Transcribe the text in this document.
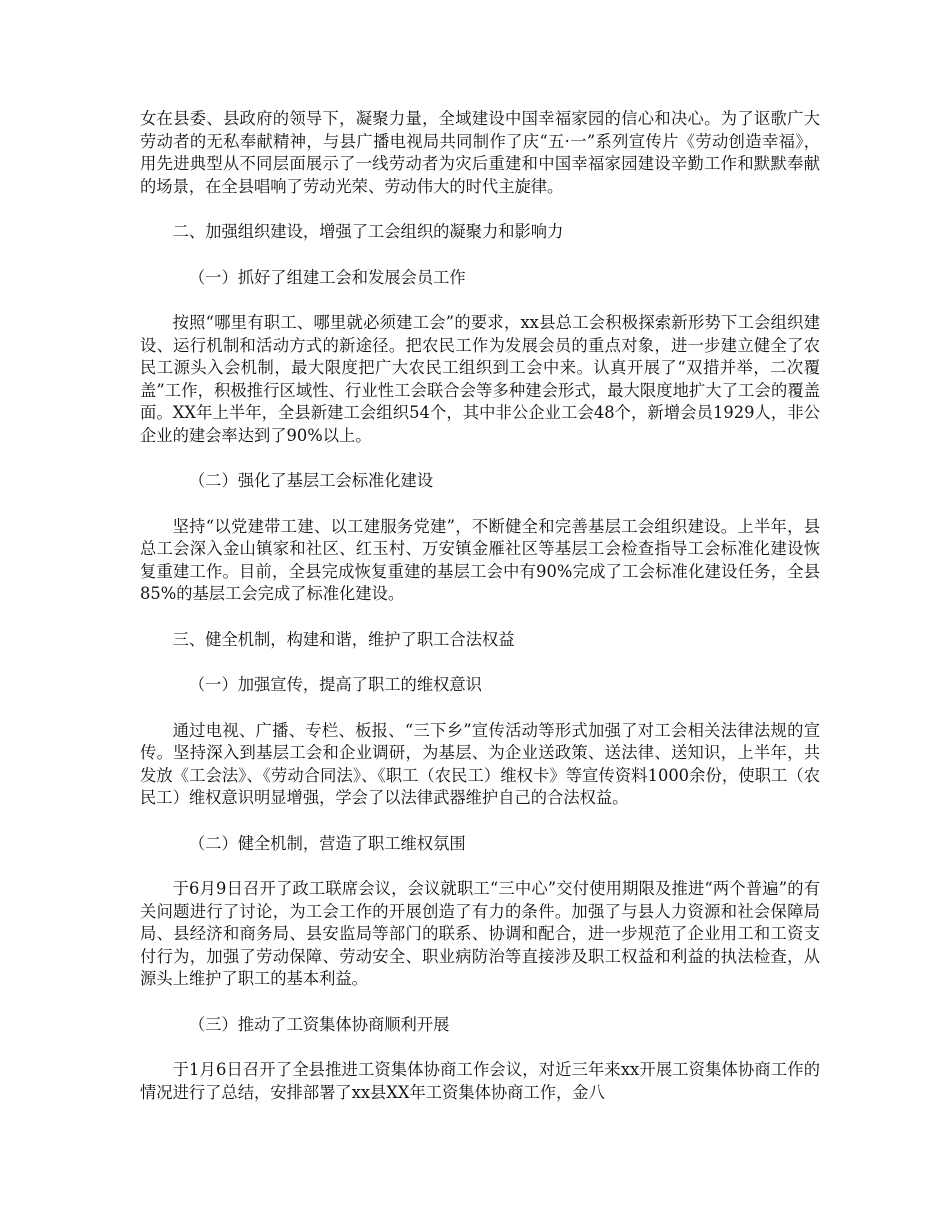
女在县委、县政府的领导下，凝聚力量，全域建设中国幸福家园的信心和决心。为了讴歌广大劳动者的无私奉献精神，与县广播电视局共同制作了庆“五·一”系列宣传片《劳动创造幸福》，用先进典型从不同层面展示了一线劳动者为灾后重建和中国幸福家园建设辛勤工作和默默奉献的场景，在全县唱响了劳动光荣、劳动伟大的时代主旋律。

二、加强组织建设，增强了工会组织的凝聚力和影响力

（一）抓好了组建工会和发展会员工作

按照“哪里有职工、哪里就必须建工会”的要求，xx县总工会积极探索新形势下工会组织建设、运行机制和活动方式的新途径。把农民工作为发展会员的重点对象，进一步建立健全了农民工源头入会机制，最大限度把广大农民工组织到工会中来。认真开展了“双措并举，二次覆盖”工作，积极推行区域性、行业性工会联合会等多种建会形式，最大限度地扩大了工会的覆盖面。XX年上半年，全县新建工会组织54个，其中非公企业工会48个，新增会员1929人，非公企业的建会率达到了90%以上。

（二）强化了基层工会标准化建设

坚持“以党建带工建、以工建服务党建”，不断健全和完善基层工会组织建设。上半年，县总工会深入金山镇家和社区、红玉村、万安镇金雁社区等基层工会检查指导工会标准化建设恢复重建工作。目前，全县完成恢复重建的基层工会中有90%完成了工会标准化建设任务，全县85%的基层工会完成了标准化建设。

三、健全机制，构建和谐，维护了职工合法权益

（一）加强宣传，提高了职工的维权意识

通过电视、广播、专栏、板报、“三下乡”宣传活动等形式加强了对工会相关法律法规的宣传。坚持深入到基层工会和企业调研，为基层、为企业送政策、送法律、送知识，上半年，共发放《工会法》、《劳动合同法》、《职工（农民工）维权卡》等宣传资料1000余份，使职工（农民工）维权意识明显增强，学会了以法律武器维护自己的合法权益。

（二）健全机制，营造了职工维权氛围

于6月9日召开了政工联席会议，会议就职工“三中心”交付使用期限及推进“两个普遍”的有关问题进行了讨论，为工会工作的开展创造了有力的条件。加强了与县人力资源和社会保障局局、县经济和商务局、县安监局等部门的联系、协调和配合，进一步规范了企业用工和工资支付行为，加强了劳动保障、劳动安全、职业病防治等直接涉及职工权益和利益的执法检查，从源头上维护了职工的基本利益。

（三）推动了工资集体协商顺利开展

于1月6日召开了全县推进工资集体协商工作会议，对近三年来xx开展工资集体协商工作的情况进行了总结，安排部署了xx县XX年工资集体协商工作，金八
